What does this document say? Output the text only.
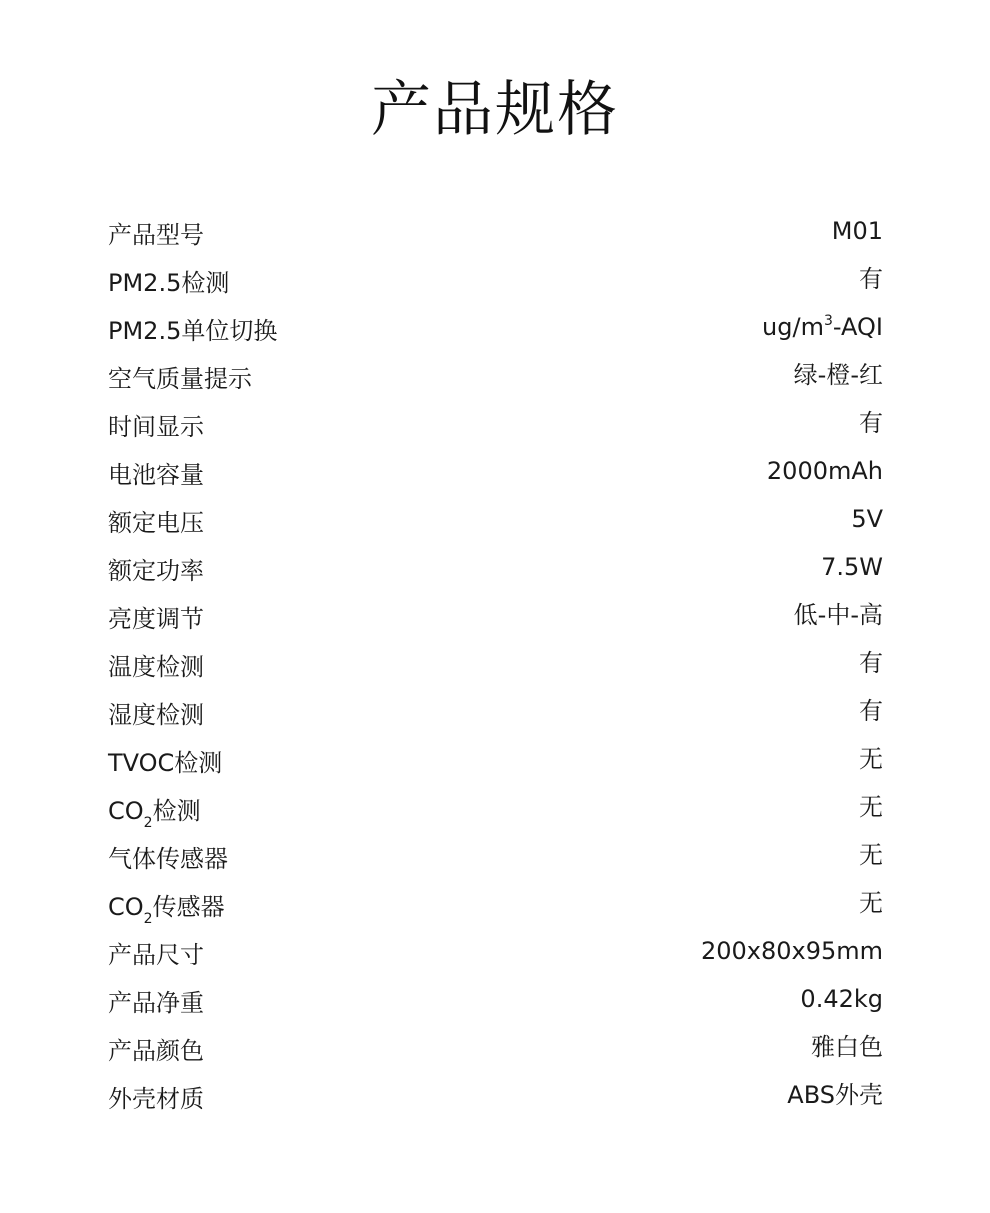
产品规格
产品型号	M01
PM2.5检测	有
PM2.5单位切换	$ug/m^3$-AQI
空气质量提示	绿-橙-红
时间显示	有
电池容量	2000mAh
额定电压	5V
额定功率	7.5W
亮度调节	低-中-高
温度检测	有
湿度检测	有
TVOC检测	无
$CO_2$检测	无
气体传感器	无
$CO_2$传感器	无
产品尺寸	200x80x95mm
产品净重	0.42kg
产品颜色	雅白色
外壳材质	ABS外壳
